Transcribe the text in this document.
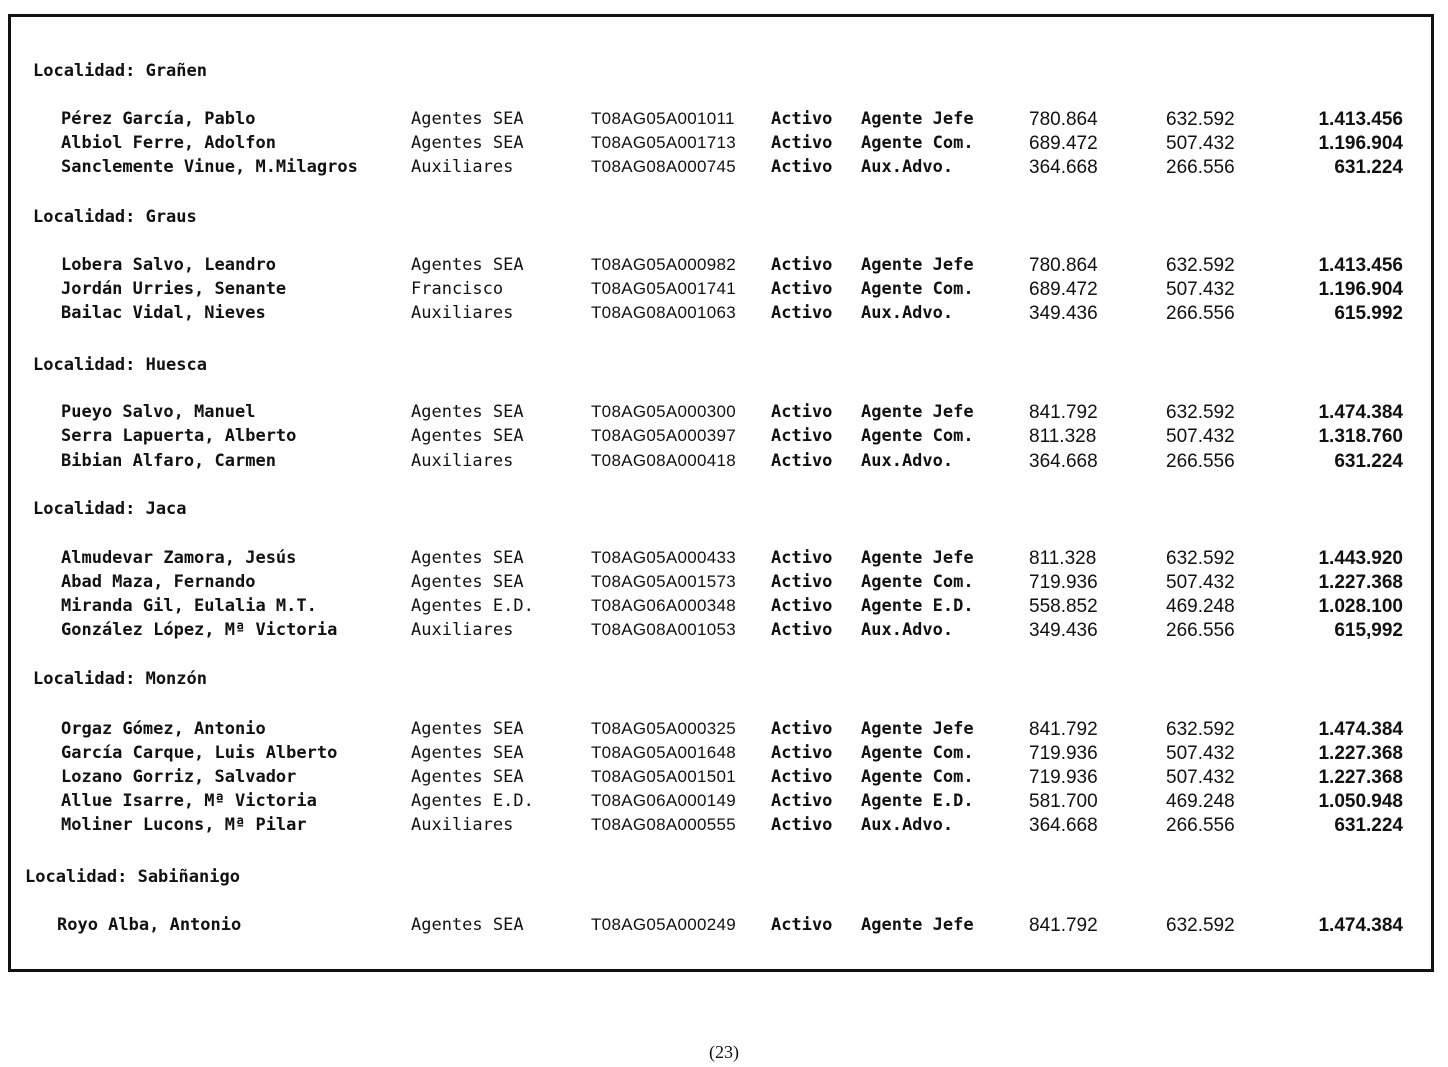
Localidad: Grañen
Pérez García, Pablo	Agentes SEA	T08AG05A001011 Activo Agente Jefe	780.864	632.592	1.413.456
Albiol Ferre, Adolfon	Agentes SEA	T08AG05A001713 Activo Agente Com.	689.472	507.432	1.196.904
Sanclemente Vinue, M.Milagros	Auxiliares	T08AG08A000745 Activo Aux.Advo.	364.668	266.556	631.224
Localidad: Graus
Lobera Salvo, Leandro	Agentes SEA	T08AG05A000982 Activo Agente Jefe	780.864	632.592	1.413.456
Jordán Urries, Senante	Francisco	T08AG05A001741 Activo Agente Com.	689.472	507.432	1.196.904
Bailac Vidal, Nieves	Auxiliares	T08AG08A001063 Activo Aux.Advo.	349.436	266.556	615.992
Localidad: Huesca
Pueyo Salvo, Manuel	Agentes SEA	T08AG05A000300 Activo Agente Jefe	841.792	632.592	1.474.384
Serra Lapuerta, Alberto	Agentes SEA	T08AG05A000397 Activo Agente Com.	811.328	507.432	1.318.760
Bibian Alfaro, Carmen	Auxiliares	T08AG08A000418 Activo Aux.Advo.	364.668	266.556	631.224
Localidad: Jaca
Almudevar Zamora, Jesús	Agentes SEA	T08AG05A000433 Activo Agente Jefe	811.328	632.592	1.443.920
Abad Maza, Fernando	Agentes SEA	T08AG05A001573 Activo Agente Com.	719.936	507.432	1.227.368
Miranda Gil, Eulalia M.T.	Agentes E.D.	T08AG06A000348 Activo Agente E.D.	558.852	469.248	1.028.100
González López, Mª Victoria	Auxiliares	T08AG08A001053 Activo Aux.Advo.	349.436	266.556	615,992
Localidad: Monzón
Orgaz Gómez, Antonio	Agentes SEA	T08AG05A000325 Activo Agente Jefe	841.792	632.592	1.474.384
García Carque, Luis Alberto	Agentes SEA	T08AG05A001648 Activo Agente Com.	719.936	507.432	1.227.368
Lozano Gorriz, Salvador	Agentes SEA	T08AG05A001501 Activo Agente Com.	719.936	507.432	1.227.368
Allue Isarre, Mª Victoria	Agentes E.D.	T08AG06A000149 Activo Agente E.D.	581.700	469.248	1.050.948
Moliner Lucons, Mª Pilar	Auxiliares	T08AG08A000555 Activo Aux.Advo.	364.668	266.556	631.224
Localidad: Sabiñanigo
Royo Alba, Antonio	Agentes SEA	T08AG05A000249 Activo Agente Jefe	841.792	632.592	1.474.384
(23)
